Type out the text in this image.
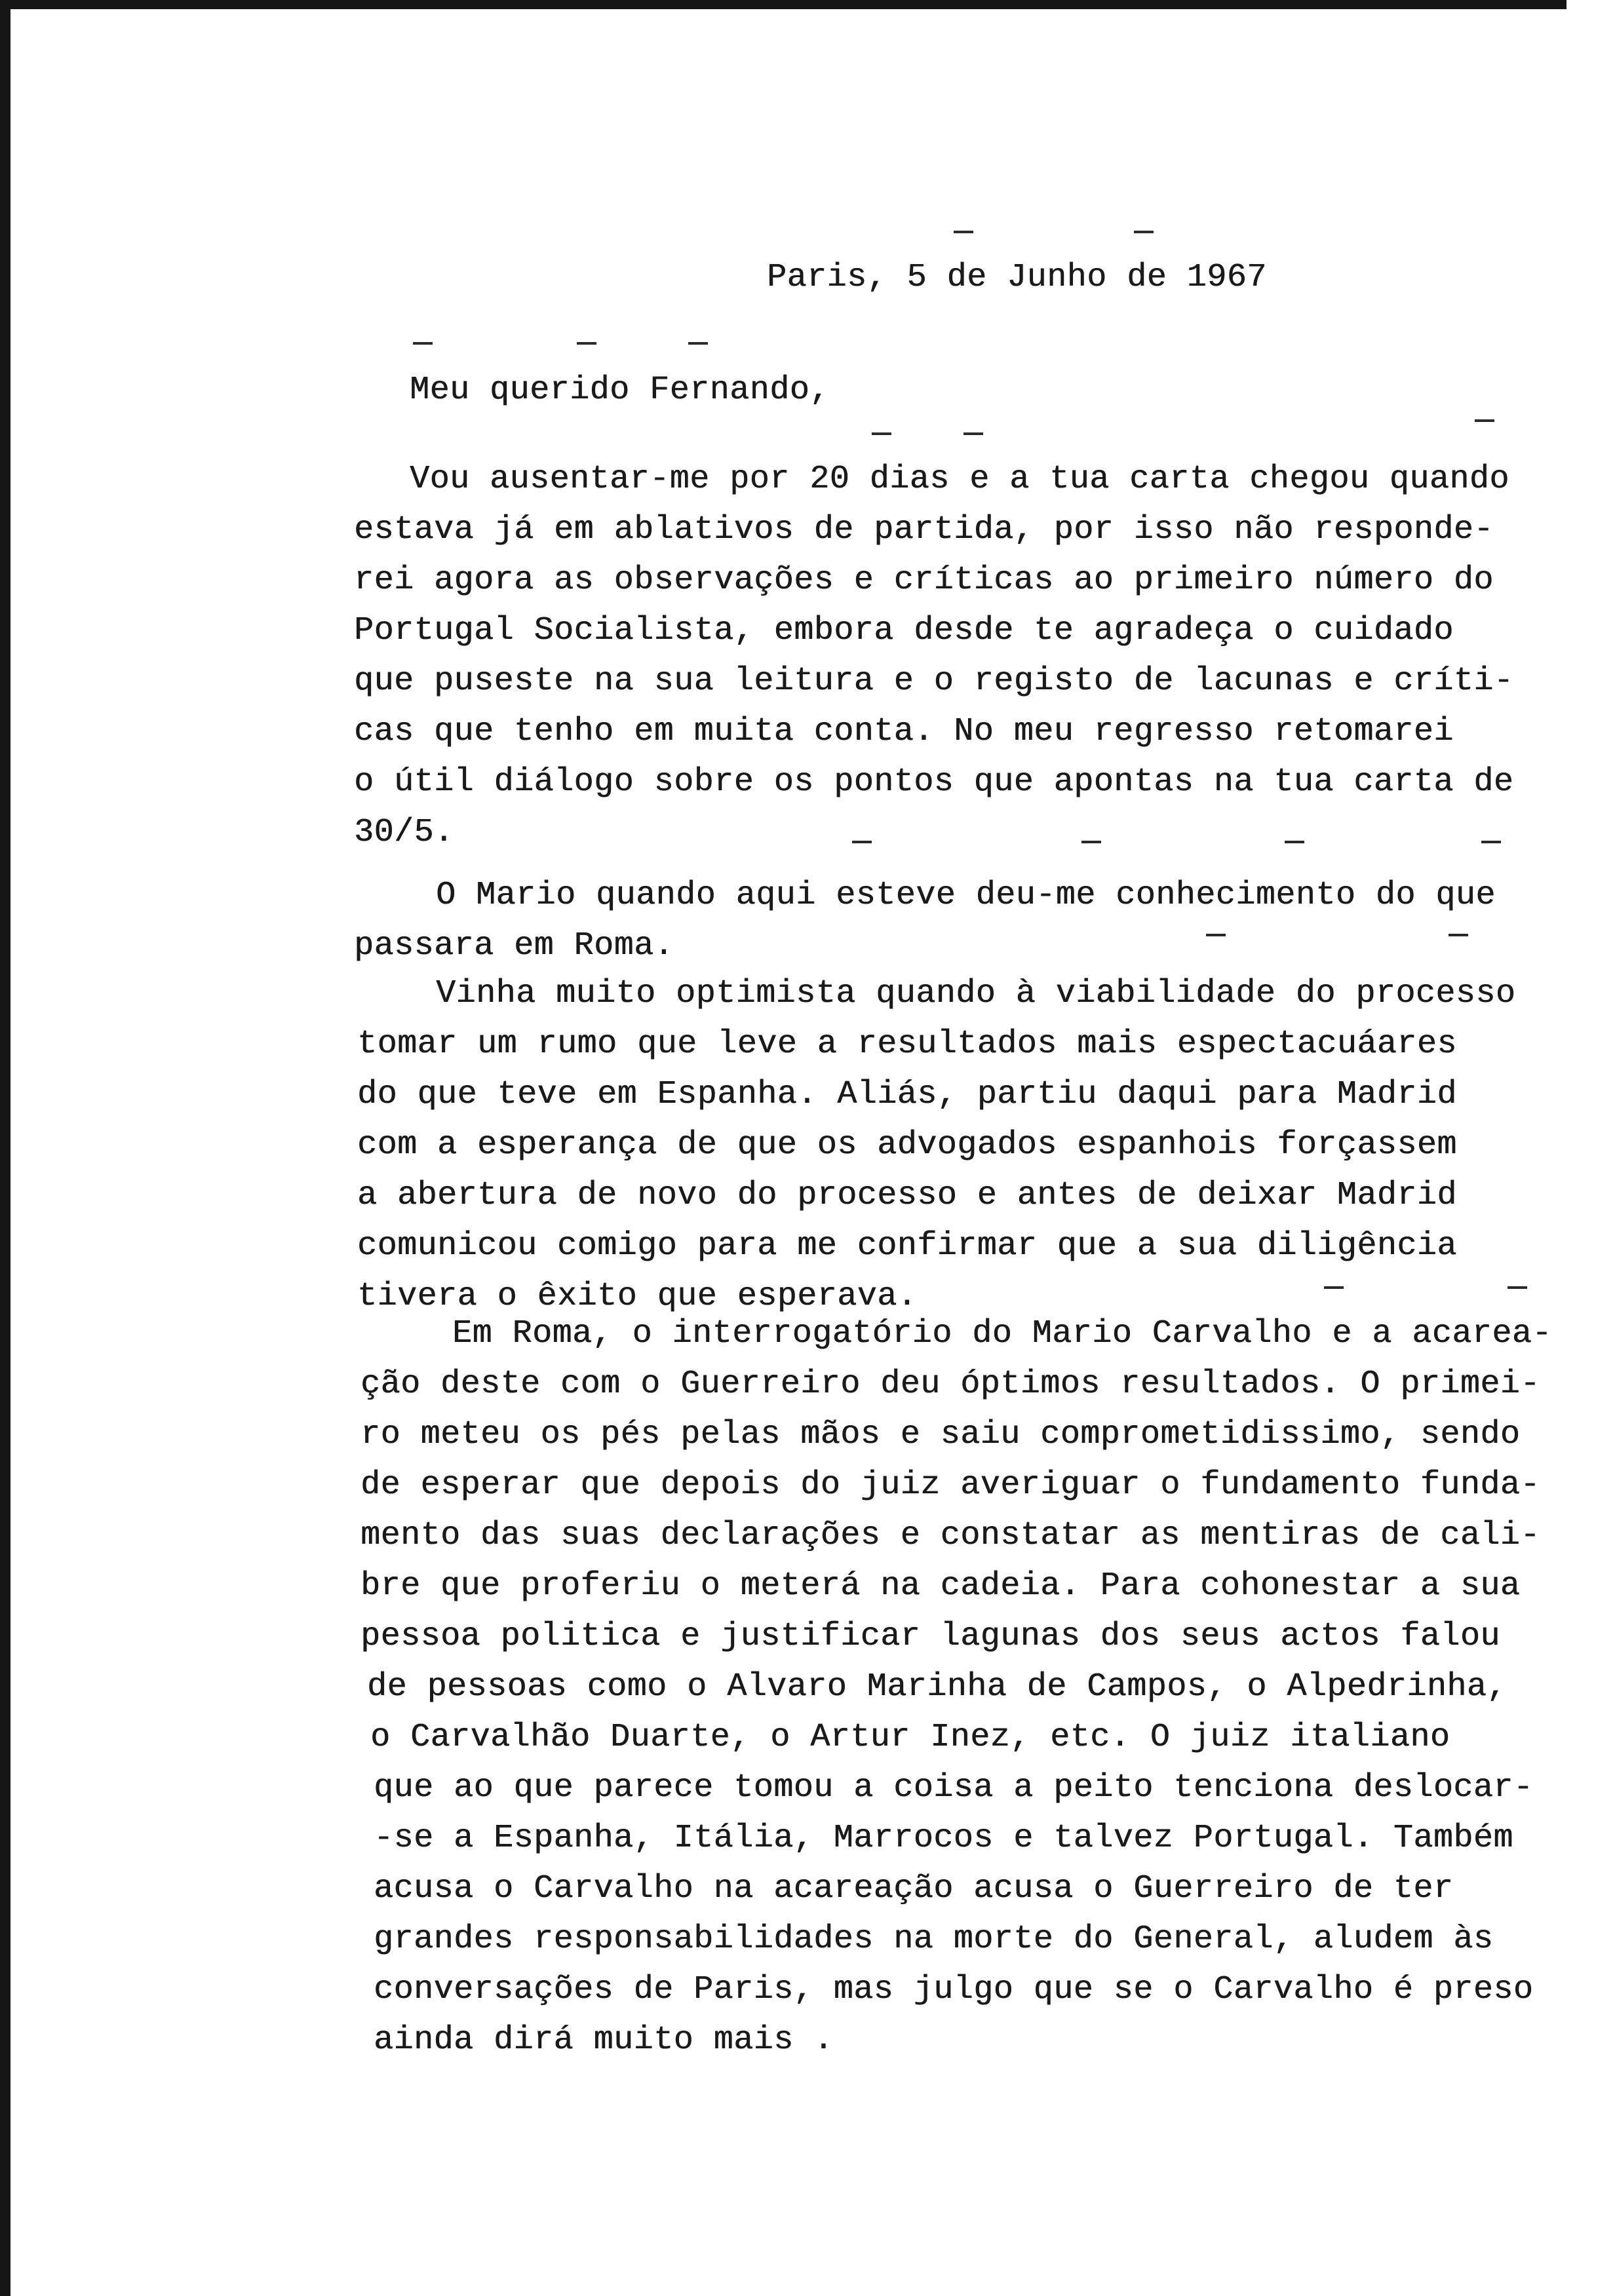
Paris, 5 de Junho de 1967
Meu querido Fernando,
Vou ausentar-me por 20 dias e a tua carta chegou quando
estava já em ablativos de partida, por isso não responde-
rei agora as observações e críticas ao primeiro número do
Portugal Socialista, embora desde te agradeça o cuidado
que puseste na sua leitura e o registo de lacunas e críti-
cas que tenho em muita conta. No meu regresso retomarei
o útil diálogo sobre os pontos que apontas na tua carta de
30/5.
O Mario quando aqui esteve deu-me conhecimento do que
passara em Roma.
Vinha muito optimista quando à viabilidade do processo
tomar um rumo que leve a resultados mais espectacuáares
do que teve em Espanha. Aliás, partiu daqui para Madrid
com a esperança de que os advogados espanhois forçassem
a abertura de novo do processo e antes de deixar Madrid
comunicou comigo para me confirmar que a sua diligência
tivera o êxito que esperava.
Em Roma, o interrogatório do Mario Carvalho e a acarea-
ção deste com o Guerreiro deu óptimos resultados. O primei-
ro meteu os pés pelas mãos e saiu comprometidissimo, sendo
de esperar que depois do juiz averiguar o fundamento funda-
mento das suas declarações e constatar as mentiras de cali-
bre que proferiu o meterá na cadeia. Para cohonestar a sua
pessoa politica e justificar lagunas dos seus actos falou
de pessoas como o Alvaro Marinha de Campos, o Alpedrinha,
o Carvalhão Duarte, o Artur Inez, etc. O juiz italiano
que ao que parece tomou a coisa a peito tenciona deslocar-
-se a Espanha, Itália, Marrocos e talvez Portugal. Também
acusa o Carvalho na acareação acusa o Guerreiro de ter
grandes responsabilidades na morte do General, aludem às
conversações de Paris, mas julgo que se o Carvalho é preso
ainda dirá muito mais .
